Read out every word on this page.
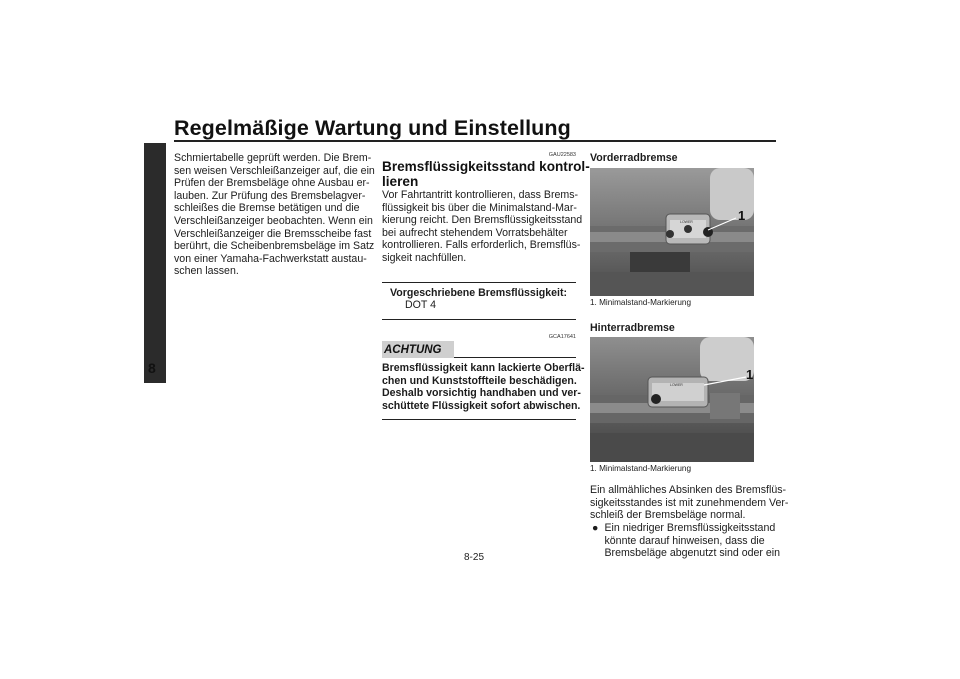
Regelmäßige Wartung und Einstellung
8
Schmiertabelle geprüft werden. Die Brem-
sen weisen Verschleißanzeiger auf, die ein
Prüfen der Bremsbeläge ohne Ausbau er-
lauben. Zur Prüfung des Bremsbelagver-
schleißes die Bremse betätigen und die
Verschleißanzeiger beobachten. Wenn ein
Verschleißanzeiger die Bremsscheibe fast
berührt, die Scheibenbremsbeläge im Satz
von einer Yamaha-Fachwerkstatt austau-
schen lassen.
GAU22583
Bremsflüssigkeitsstand kontrol-
lieren
Vor Fahrtantritt kontrollieren, dass Brems-
flüssigkeit bis über die Minimalstand-Mar-
kierung reicht. Den Bremsflüssigkeitsstand
bei aufrecht stehendem Vorratsbehälter
kontrollieren. Falls erforderlich, Bremsflüs-
sigkeit nachfüllen.
Vorgeschriebene Bremsflüssigkeit:
DOT 4
GCA17641
ACHTUNG
Bremsflüssigkeit kann lackierte Oberflä-
chen und Kunststoffteile beschädigen.
Deshalb vorsichtig handhaben und ver-
schüttete Flüssigkeit sofort abwischen.
Vorderradbremse
1
LOWER
1. Minimalstand-Markierung
Hinterradbremse
1
LOWER
1. Minimalstand-Markierung
Ein allmähliches Absinken des Bremsflüs-
sigkeitsstandes ist mit zunehmendem Ver-
schleiß der Bremsbeläge normal.
● Ein niedriger Bremsflüssigkeitsstand
könnte darauf hinweisen, dass die
Bremsbeläge abgenutzt sind oder ein
8-25
